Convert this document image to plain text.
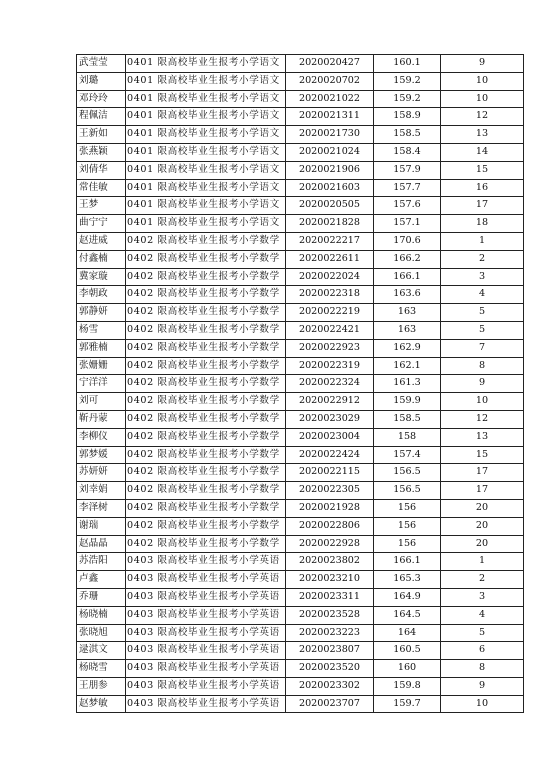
武莹莹	0401 限高校毕业生报考小学语文	2020020427	160.1	9
刘璐	0401 限高校毕业生报考小学语文	2020020702	159.2	10
邓玲玲	0401 限高校毕业生报考小学语文	2020021022	159.2	10
程佩洁	0401 限高校毕业生报考小学语文	2020021311	158.9	12
王新如	0401 限高校毕业生报考小学语文	2020021730	158.5	13
张燕颖	0401 限高校毕业生报考小学语文	2020021024	158.4	14
刘倩华	0401 限高校毕业生报考小学语文	2020021906	157.9	15
常佳敏	0401 限高校毕业生报考小学语文	2020021603	157.7	16
王梦	0401 限高校毕业生报考小学语文	2020020505	157.6	17
曲宁宁	0401 限高校毕业生报考小学语文	2020021828	157.1	18
赵进威	0402 限高校毕业生报考小学数学	2020022217	170.6	1
付鑫楠	0402 限高校毕业生报考小学数学	2020022611	166.2	2
冀家璇	0402 限高校毕业生报考小学数学	2020022024	166.1	3
李朝政	0402 限高校毕业生报考小学数学	2020022318	163.6	4
郭静妍	0402 限高校毕业生报考小学数学	2020022219	163	5
杨雪	0402 限高校毕业生报考小学数学	2020022421	163	5
郭雅楠	0402 限高校毕业生报考小学数学	2020022923	162.9	7
张姗姗	0402 限高校毕业生报考小学数学	2020022319	162.1	8
宁洋洋	0402 限高校毕业生报考小学数学	2020022324	161.3	9
刘可	0402 限高校毕业生报考小学数学	2020022912	159.9	10
靳丹蒙	0402 限高校毕业生报考小学数学	2020023029	158.5	12
李柳仪	0402 限高校毕业生报考小学数学	2020023004	158	13
郭梦媛	0402 限高校毕业生报考小学数学	2020022424	157.4	15
苏妍妍	0402 限高校毕业生报考小学数学	2020022115	156.5	17
刘幸娟	0402 限高校毕业生报考小学数学	2020022305	156.5	17
李泽树	0402 限高校毕业生报考小学数学	2020021928	156	20
谢瑞	0402 限高校毕业生报考小学数学	2020022806	156	20
赵晶晶	0402 限高校毕业生报考小学数学	2020022928	156	20
苏浩阳	0403 限高校毕业生报考小学英语	2020023802	166.1	1
卢鑫	0403 限高校毕业生报考小学英语	2020023210	165.3	2
乔珊	0403 限高校毕业生报考小学英语	2020023311	164.9	3
杨晓楠	0403 限高校毕业生报考小学英语	2020023528	164.5	4
张晓旭	0403 限高校毕业生报考小学英语	2020023223	164	5
逯淇文	0403 限高校毕业生报考小学英语	2020023807	160.5	6
杨晓雪	0403 限高校毕业生报考小学英语	2020023520	160	8
王朋参	0403 限高校毕业生报考小学英语	2020023302	159.8	9
赵梦敏	0403 限高校毕业生报考小学英语	2020023707	159.7	10
